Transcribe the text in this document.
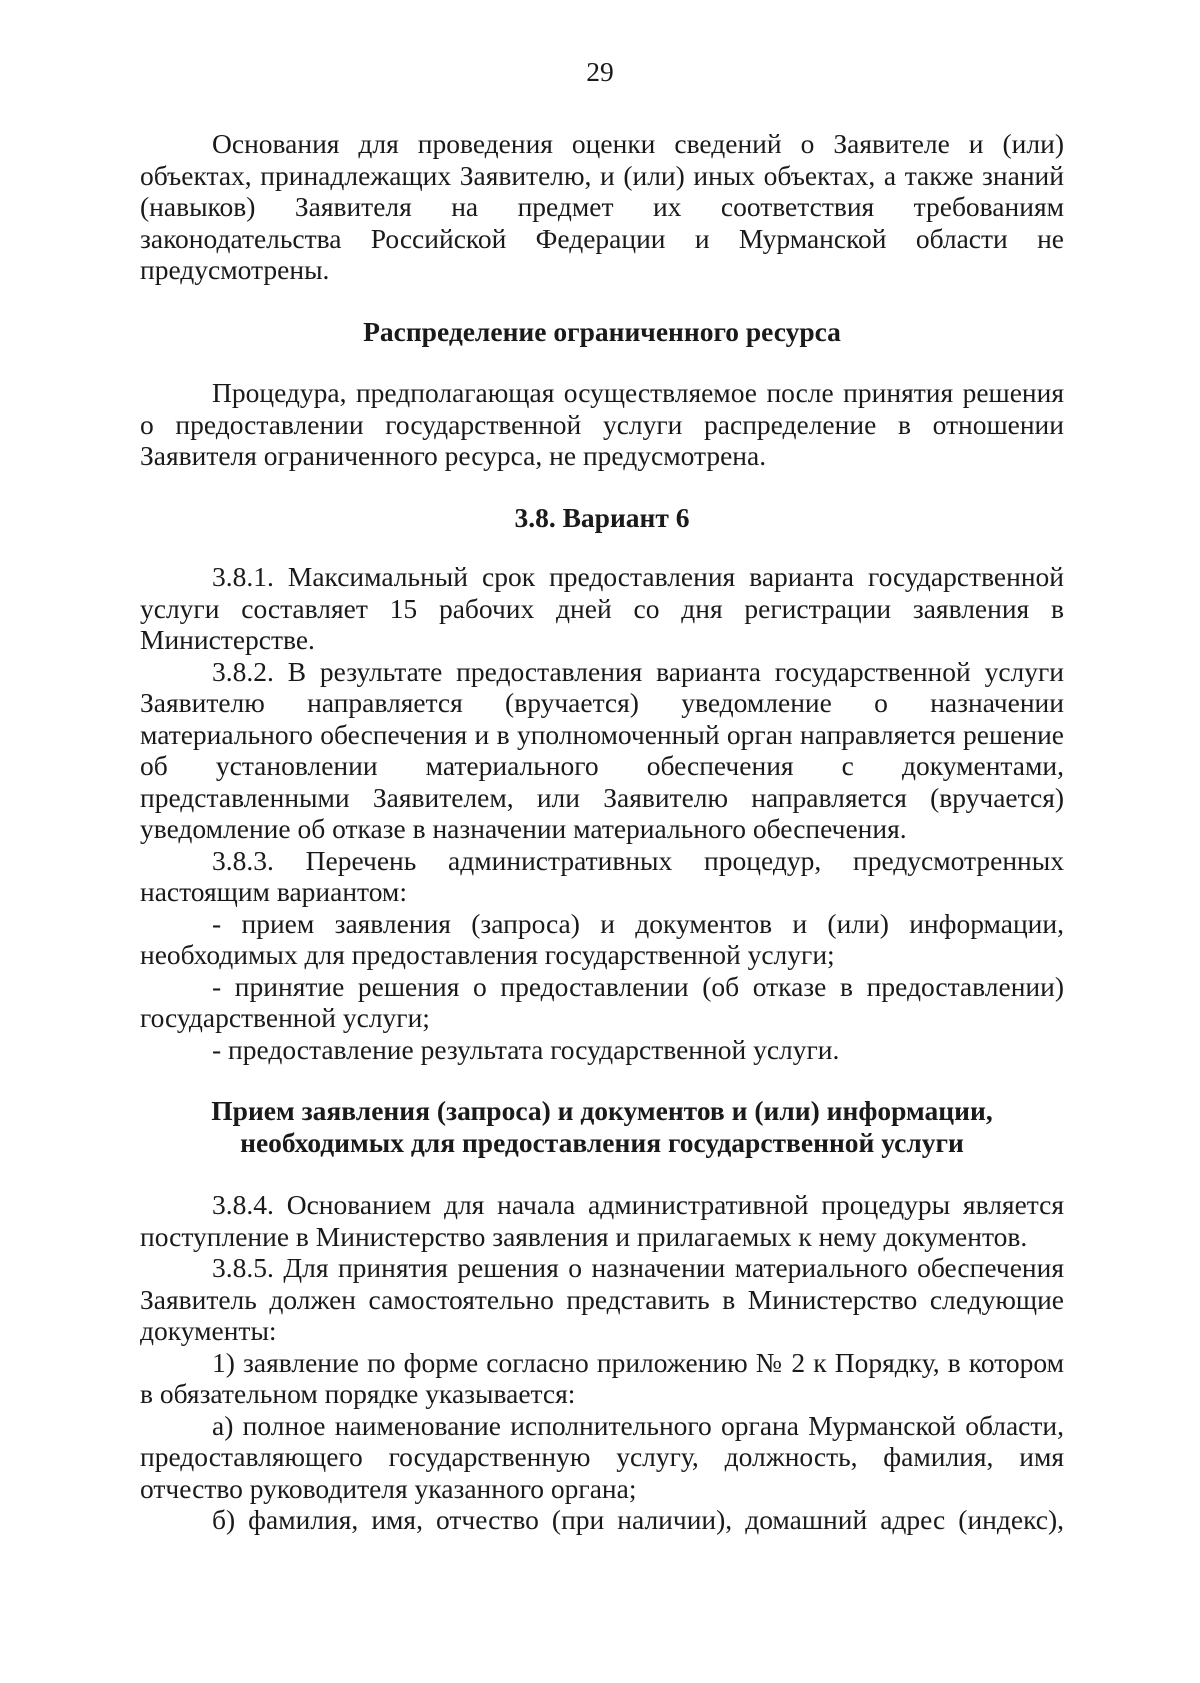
29

Основания для проведения оценки сведений о Заявителе и (или) объектах, принадлежащих Заявителю, и (или) иных объектах, а также знаний (навыков) Заявителя на предмет их соответствия требованиям законодательства Российской Федерации и Мурманской области не предусмотрены.

Распределение ограниченного ресурса

Процедура, предполагающая осуществляемое после принятия решения о предоставлении государственной услуги распределение в отношении Заявителя ограниченного ресурса, не предусмотрена.

3.8. Вариант 6

3.8.1. Максимальный срок предоставления варианта государственной услуги составляет 15 рабочих дней со дня регистрации заявления в Министерстве.

3.8.2. В результате предоставления варианта государственной услуги Заявителю направляется (вручается) уведомление о назначении материального обеспечения и в уполномоченный орган направляется решение об установлении материального обеспечения с документами, представленными Заявителем, или Заявителю направляется (вручается) уведомление об отказе в назначении материального обеспечения.

3.8.3. Перечень административных процедур, предусмотренных настоящим вариантом:

- прием заявления (запроса) и документов и (или) информации, необходимых для предоставления государственной услуги;

- принятие решения о предоставлении (об отказе в предоставлении) государственной услуги;

- предоставление результата государственной услуги.

Прием заявления (запроса) и документов и (или) информации, необходимых для предоставления государственной услуги

3.8.4. Основанием для начала административной процедуры является поступление в Министерство заявления и прилагаемых к нему документов.

3.8.5. Для принятия решения о назначении материального обеспечения Заявитель должен самостоятельно представить в Министерство следующие документы:

1) заявление по форме согласно приложению № 2 к Порядку, в котором в обязательном порядке указывается:

а) полное наименование исполнительного органа Мурманской области, предоставляющего государственную услугу, должность, фамилия, имя отчество руководителя указанного органа;

б) фамилия, имя, отчество (при наличии), домашний адрес (индекс),
